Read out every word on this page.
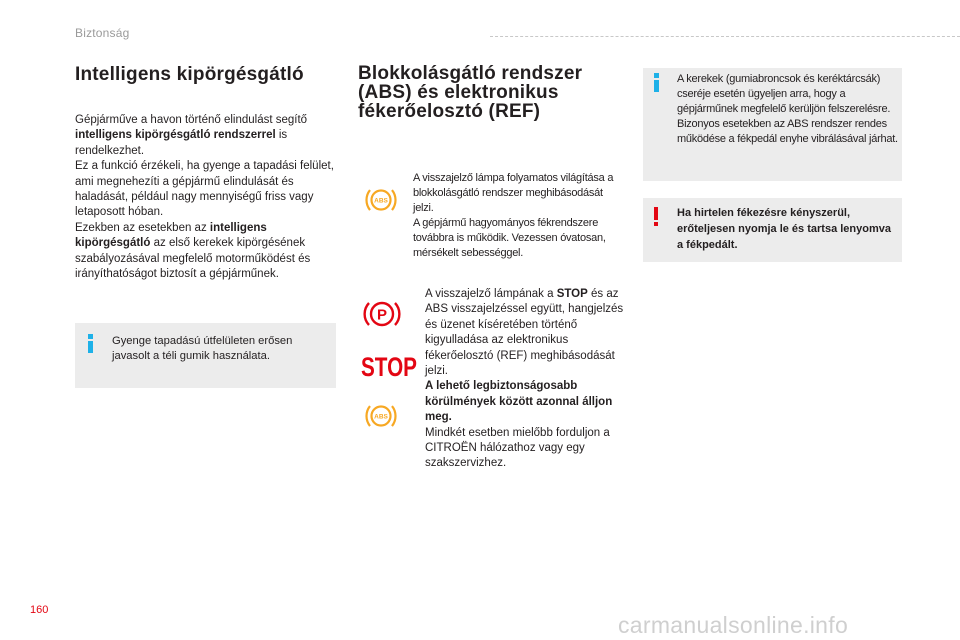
Biztonság
Intelligens kipörgésgátló

Gépjárműve a havon történő elindulást segítő intelligens kipörgésgátló rendszerrel is rendelkezhet.

Ez a funkció érzékeli, ha gyenge a tapadási felület, ami megnehezíti a gépjármű elindulását és haladását, például nagy mennyiségű friss vagy letaposott hóban.

Ezekben az esetekben az intelligens kipörgésgátló az első kerekek kipörgésének szabályozásával megfelelő motorműködést és irányíthatóságot biztosít a gépjárműnek.

Gyenge tapadású útfelületen erősen javasolt a téli gumik használata.
Blokkolásgátló rendszer
(ABS) és elektronikus
fékerőelosztó (REF)
ABS
A visszajelző lámpa folyamatos világítása a blokkolásgátló rendszer meghibásodását jelzi.
A gépjármű hagyományos fékrendszere továbbra is működik. Vezessen óvatosan, mérsékelt sebességgel.
P
STOP
ABS
A visszajelző lámpának a STOP és az ABS visszajelzéssel együtt, hangjelzés és üzenet kíséretében történő kigyulladása az elektronikus fékerőelosztó (REF) meghibásodását jelzi.
A lehető legbiztonságosabb körülmények között azonnal álljon meg.
Mindkét esetben mielőbb forduljon a CITROËN hálózathoz vagy egy szakszervizhez.
A kerekek (gumiabroncsok és keréktárcsák) cseréje esetén ügyeljen arra, hogy a gépjárműnek megfelelő kerüljön felszerelésre. Bizonyos esetekben az ABS rendszer rendes működése a fékpedál enyhe vibrálásával járhat.
Ha hirtelen fékezésre kényszerül, erőteljesen nyomja le és tartsa lenyomva a fékpedált.
160
carmanualsonline.info
